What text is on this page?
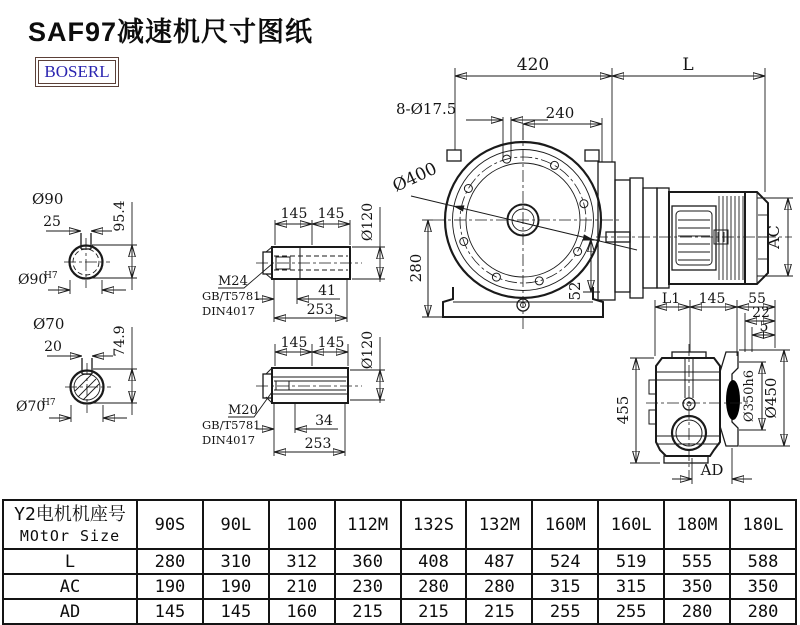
SAF97减速机尺寸图纸
BOSERL
Ø90
25	95.4
Ø90
H7
Ø70
20	74.9
Ø70
H7
145 145 Ø120
41
253
M24
GB/T5781
DIN4017
145 145 Ø120
34
253
M20
GB/T5781
DIN4017
Ø400
420	L
240
8-Ø17.5
280
52
AC
455	Ø350h6 Ø450
AD
L1 145 55
22
5
Y2电机机座号
MOtOr Size	90S	90L	100	112M	132S	132M	160M	160L	180M	180L
L	280	310	312	360	408	487	524	519	555	588
AC	190	190	210	230	280	280	315	315	350	350
AD	145	145	160	215	215	215	255	255	280	280
